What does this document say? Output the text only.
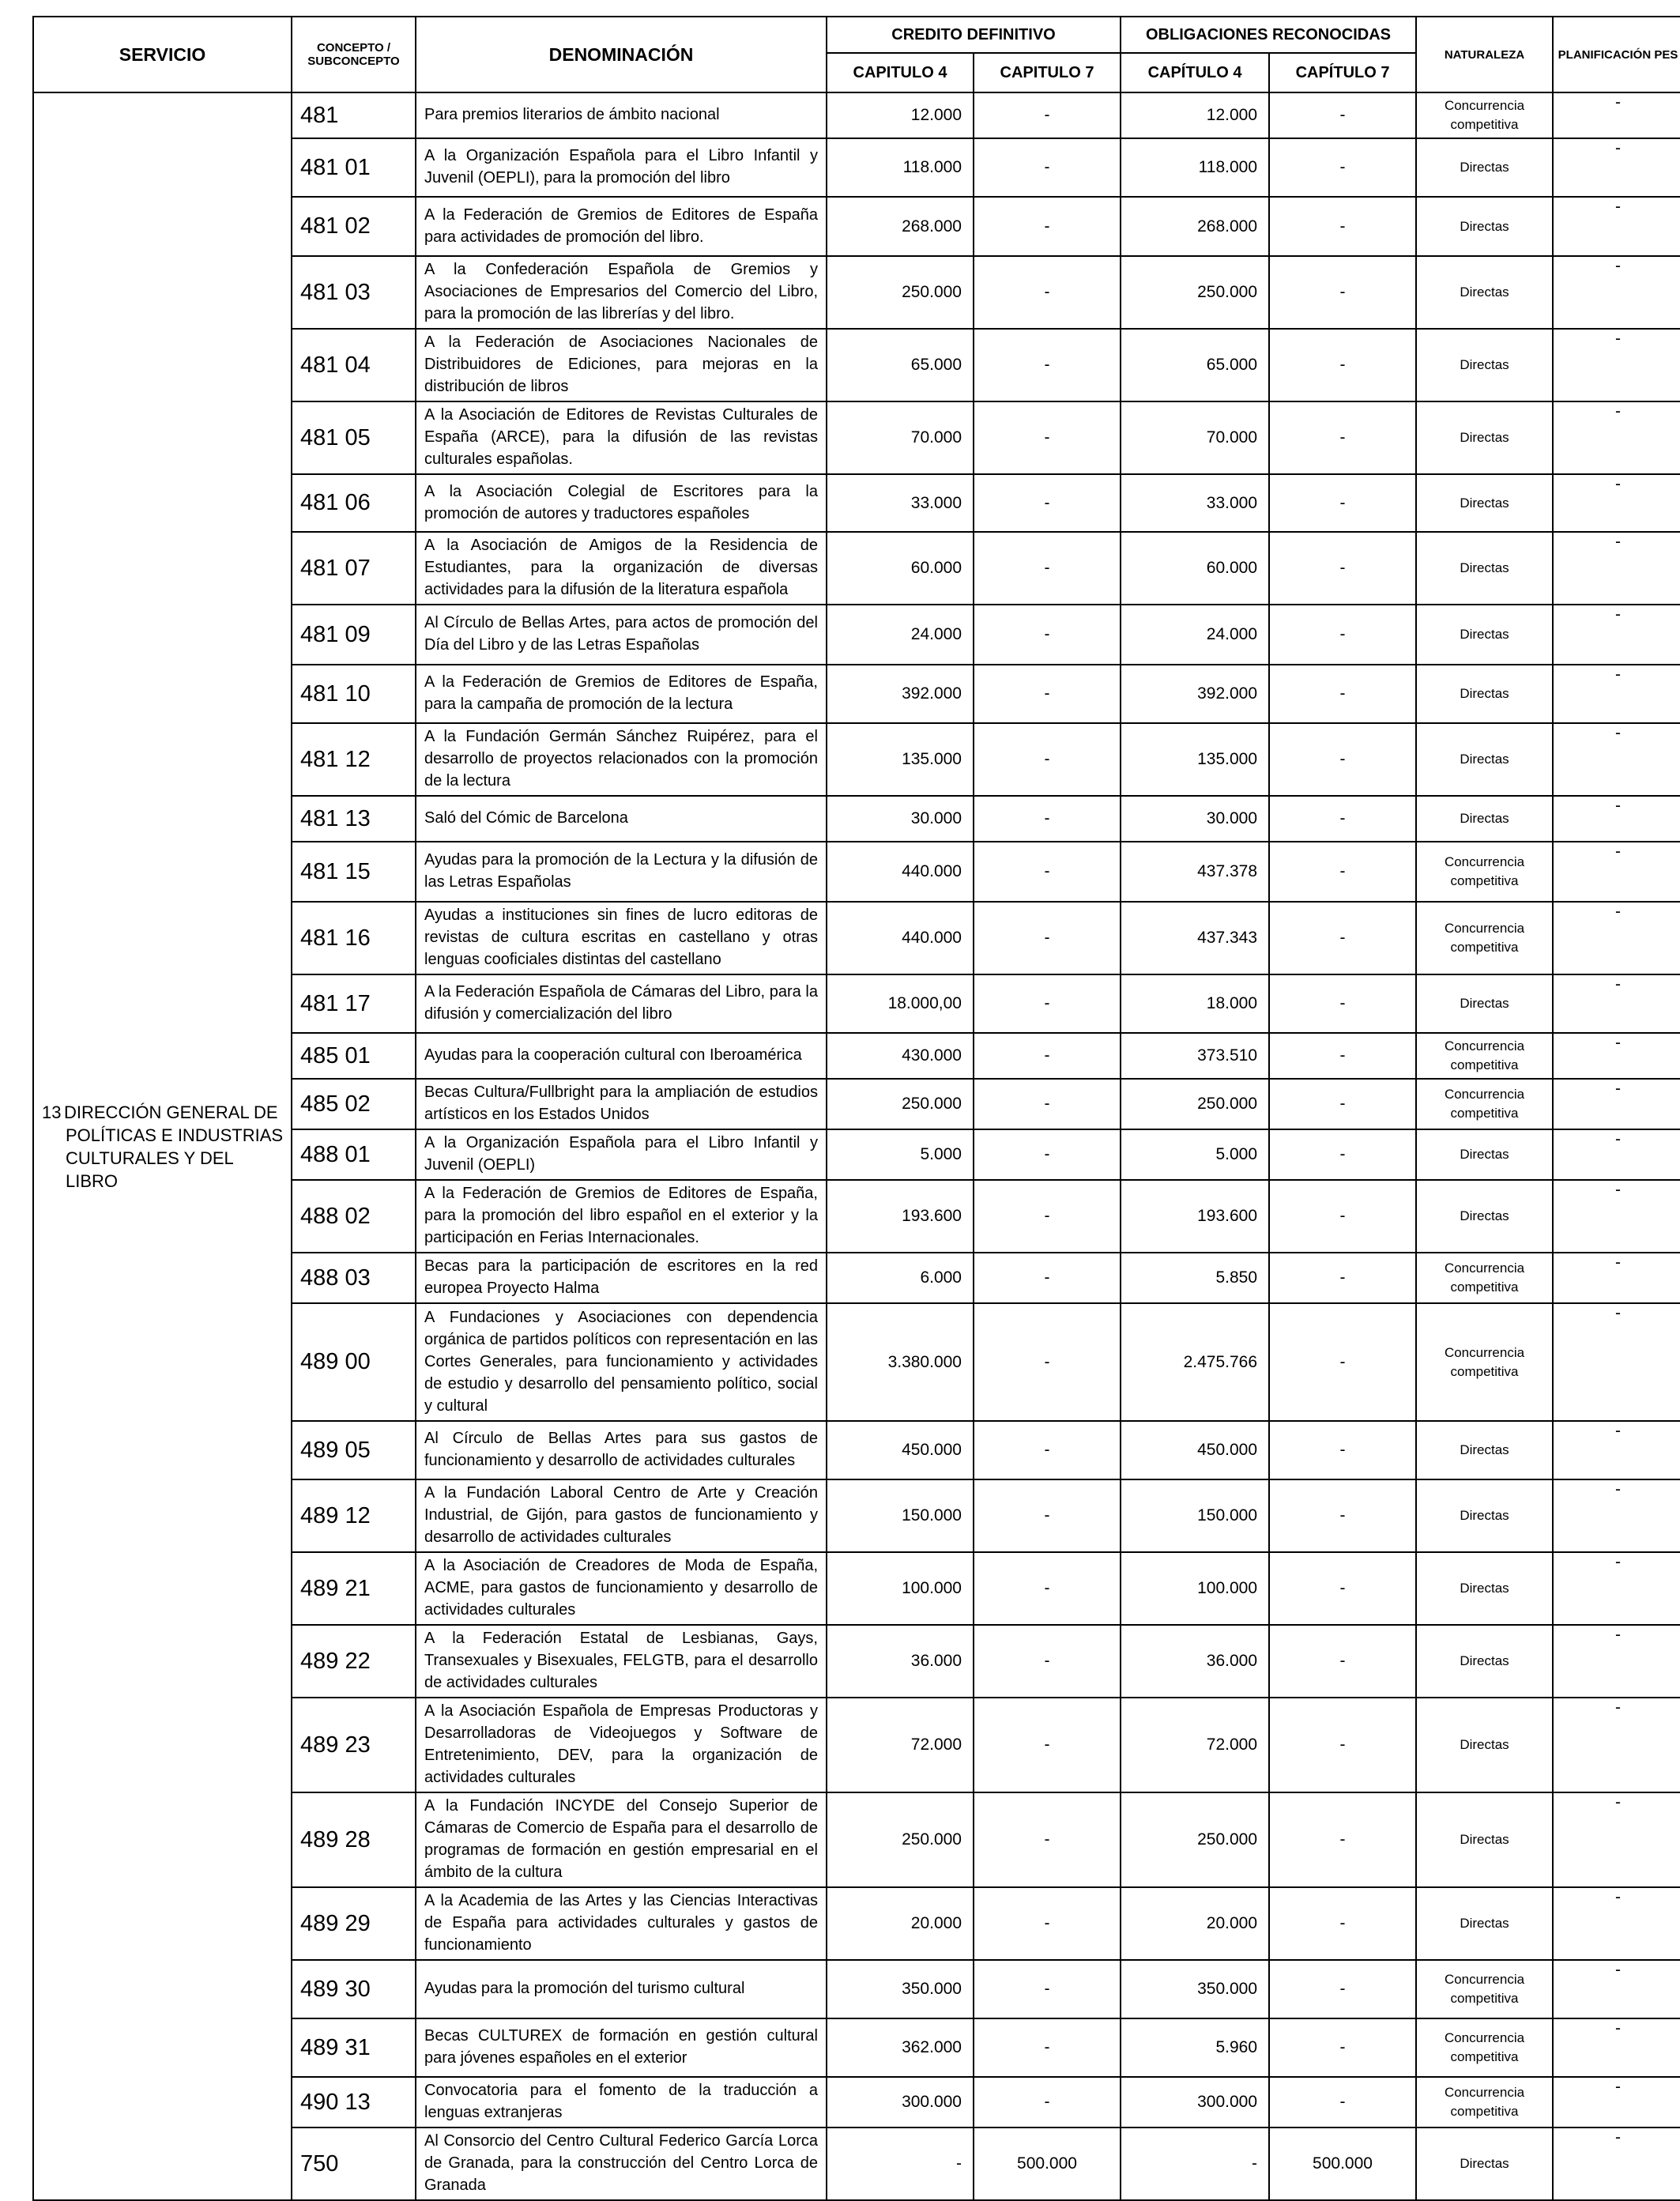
SERVICIO	CONCEPTO / SUBCONCEPTO	DENOMINACIÓN	CREDITO DEFINITIVO		OBLIGACIONES RECONOCIDAS		NATURALEZA	PLANIFICACIÓN PES
			CAPITULO 4	CAPITULO 7	CAPÍTULO 4	CAPÍTULO 7		

13 DIRECCIÓN GENERAL DE
POLÍTICAS E INDUSTRIAS
CULTURALES Y DEL
LIBRO	481	Para premios literarios de ámbito nacional	12.000	-	12.000	-	Concurrencia competitiva	-
	481 01	A la Organización Española para el Libro Infantil y Juvenil (OEPLI), para la promoción del libro	118.000	-	118.000	-	Directas	-
	481 02	A la Federación de Gremios de Editores de España para actividades de promoción del libro.	268.000	-	268.000	-	Directas	-
	481 03	A la Confederación Española de Gremios y Asociaciones de Empresarios del Comercio del Libro, para la promoción de las librerías y del libro.	250.000	-	250.000	-	Directas	-
	481 04	A la Federación de Asociaciones Nacionales de Distribuidores de Ediciones, para mejoras en la distribución de libros	65.000	-	65.000	-	Directas	-
	481 05	A la Asociación de Editores de Revistas Culturales de España (ARCE), para la difusión de las revistas culturales españolas.	70.000	-	70.000	-	Directas	-
	481 06	A la Asociación Colegial de Escritores para la promoción de autores y traductores españoles	33.000	-	33.000	-	Directas	-
	481 07	A la Asociación de Amigos de la Residencia de Estudiantes, para la organización de diversas actividades para la difusión de la literatura española	60.000	-	60.000	-	Directas	-
	481 09	Al Círculo de Bellas Artes, para actos de promoción del Día del Libro y de las Letras Españolas	24.000	-	24.000	-	Directas	-
	481 10	A la Federación de Gremios de Editores de España, para la campaña de promoción de la lectura	392.000	-	392.000	-	Directas	-
	481 12	A la Fundación Germán Sánchez Ruipérez, para el desarrollo de proyectos relacionados con la promoción de la lectura	135.000	-	135.000	-	Directas	-
	481 13	Saló del Cómic de Barcelona	30.000	-	30.000	-	Directas	-
	481 15	Ayudas para la promoción de la Lectura y la difusión de las Letras Españolas	440.000	-	437.378	-	Concurrencia competitiva	-
	481 16	Ayudas a instituciones sin fines de lucro editoras de revistas de cultura escritas en castellano y otras lenguas cooficiales distintas del castellano	440.000	-	437.343	-	Concurrencia competitiva	-
	481 17	A la Federación Española de Cámaras del Libro, para la difusión y comercialización del libro	18.000,00	-	18.000	-	Directas	-
	485 01	Ayudas para la cooperación cultural con Iberoamérica	430.000	-	373.510	-	Concurrencia competitiva	-
	485 02	Becas Cultura/Fullbright para la ampliación de estudios artísticos en los Estados Unidos	250.000	-	250.000	-	Concurrencia competitiva	-
	488 01	A la Organización Española para el Libro Infantil y Juvenil (OEPLI)	5.000	-	5.000	-	Directas	-
	488 02	A la Federación de Gremios de Editores de España, para la promoción del libro español en el exterior y la participación en Ferias Internacionales.	193.600	-	193.600	-	Directas	-
	488 03	Becas para la participación de escritores en la red europea Proyecto Halma	6.000	-	5.850	-	Concurrencia competitiva	-
	489 00	A Fundaciones y Asociaciones con dependencia orgánica de partidos políticos con representación en las Cortes Generales, para funcionamiento y actividades de estudio y desarrollo del pensamiento político, social y cultural	3.380.000	-	2.475.766	-	Concurrencia competitiva	-
	489 05	Al Círculo de Bellas Artes para sus gastos de funcionamiento y desarrollo de actividades culturales	450.000	-	450.000	-	Directas	-
	489 12	A la Fundación Laboral Centro de Arte y Creación Industrial, de Gijón, para gastos de funcionamiento y desarrollo de actividades culturales	150.000	-	150.000	-	Directas	-
	489 21	A la Asociación de Creadores de Moda de España, ACME, para gastos de funcionamiento y desarrollo de actividades culturales	100.000	-	100.000	-	Directas	-
	489 22	A la Federación Estatal de Lesbianas, Gays, Transexuales y Bisexuales, FELGTB, para el desarrollo de actividades culturales	36.000	-	36.000	-	Directas	-
	489 23	A la Asociación Española de Empresas Productoras y Desarrolladoras de Videojuegos y Software de Entretenimiento, DEV, para la organización de actividades culturales	72.000	-	72.000	-	Directas	-
	489 28	A la Fundación INCYDE del Consejo Superior de Cámaras de Comercio de España para el desarrollo de programas de formación en gestión empresarial en el ámbito de la cultura	250.000	-	250.000	-	Directas	-
	489 29	A la Academia de las Artes y las Ciencias Interactivas de España para actividades culturales y gastos de funcionamiento	20.000	-	20.000	-	Directas	-
	489 30	Ayudas para la promoción del turismo cultural	350.000	-	350.000	-	Concurrencia competitiva	-
	489 31	Becas CULTUREX de formación en gestión cultural para jóvenes españoles en el exterior	362.000	-	5.960	-	Concurrencia competitiva	-
	490 13	Convocatoria para el fomento de la traducción a lenguas extranjeras	300.000	-	300.000	-	Concurrencia competitiva	-
	750	Al Consorcio del Centro Cultural Federico García Lorca de Granada, para la construcción del Centro Lorca de Granada	-	500.000	-	500.000	Directas	-
